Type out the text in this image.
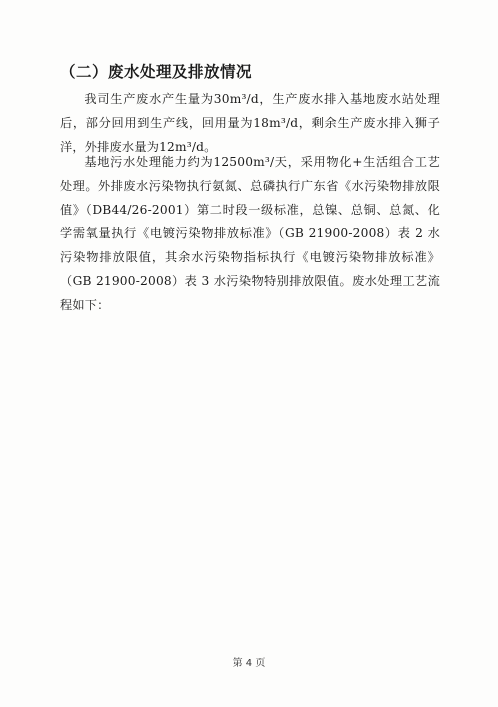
（二）废水处理及排放情况

我司生产废水产生量为30m³/d，生产废水排入基地废水站处理后，部分回用到生产线，回用量为18m³/d，剩余生产废水排入狮子洋，外排废水量为12m³/d。

基地污水处理能力约为12500m³/天，采用物化+生活组合工艺处理。外排废水污染物执行氨氮、总磷执行广东省《水污染物排放限值》（DB44/26-2001）第二时段一级标准，总镍、总铜、总氮、化学需氧量执行《电镀污染物排放标准》（GB 21900-2008）表 2 水污染物排放限值，其余水污染物指标执行《电镀污染物排放标准》（GB 21900-2008）表 3 水污染物特别排放限值。废水处理工艺流程如下：

第 4 页
